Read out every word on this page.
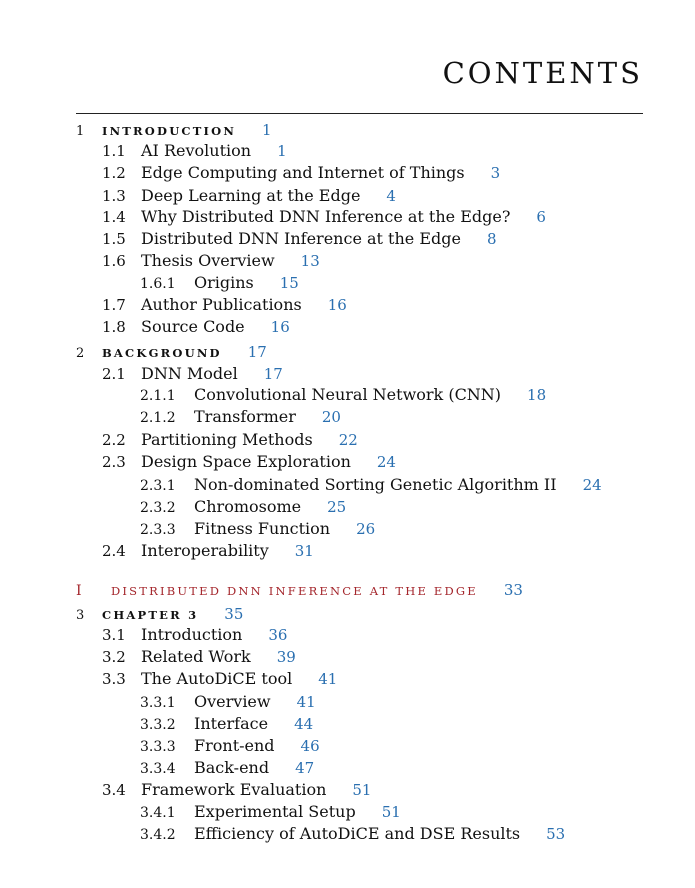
CONTENTS
1	INTRODUCTION 1
1.1 AI Revolution 1
1.2 Edge Computing and Internet of Things 3
1.3 Deep Learning at the Edge 4
1.4 Why Distributed DNN Inference at the Edge? 6
1.5 Distributed DNN Inference at the Edge 8
1.6 Thesis Overview 13
1.6.1	Origins 15
1.7 Author Publications 16
1.8 Source Code 16
2	BACKGROUND 17
2.1 DNN Model 17
2.1.1	Convolutional Neural Network (CNN) 18
2.1.2	Transformer 20
2.2 Partitioning Methods 22
2.3 Design Space Exploration 24
2.3.1	Non-dominated Sorting Genetic Algorithm II 24
2.3.2	Chromosome 25
2.3.3	Fitness Function 26
2.4 Interoperability 31
I	DISTRIBUTED DNN INFERENCE AT THE EDGE 33
3	CHAPTER 3 35
3.1 Introduction 36
3.2 Related Work 39
3.3 The AutoDiCE tool 41
3.3.1	Overview 41
3.3.2	Interface 44
3.3.3	Front-end 46
3.3.4	Back-end 47
3.4 Framework Evaluation 51
3.4.1	Experimental Setup 51
3.4.2	Efficiency of AutoDiCE and DSE Results 53
